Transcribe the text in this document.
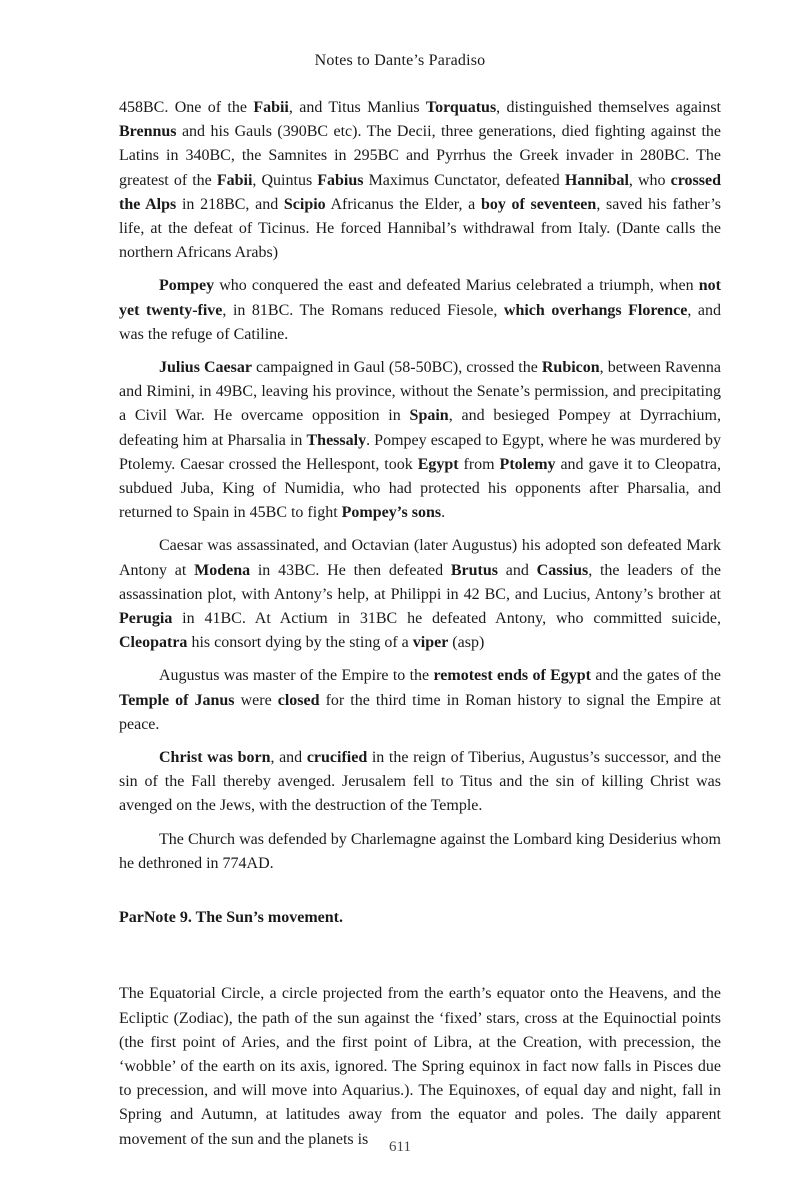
Notes to Dante’s Paradiso

458BC. One of the Fabii, and Titus Manlius Torquatus, distinguished themselves against Brennus and his Gauls (390BC etc). The Decii, three generations, died fighting against the Latins in 340BC, the Samnites in 295BC and Pyrrhus the Greek invader in 280BC. The greatest of the Fabii, Quintus Fabius Maximus Cunctator, defeated Hannibal, who crossed the Alps in 218BC, and Scipio Africanus the Elder, a boy of seventeen, saved his father’s life, at the defeat of Ticinus. He forced Hannibal’s withdrawal from Italy. (Dante calls the northern Africans Arabs)

Pompey who conquered the east and defeated Marius celebrated a triumph, when not yet twenty-five, in 81BC. The Romans reduced Fiesole, which overhangs Florence, and was the refuge of Catiline.

Julius Caesar campaigned in Gaul (58-50BC), crossed the Rubicon, between Ravenna and Rimini, in 49BC, leaving his province, without the Senate’s permission, and precipitating a Civil War. He overcame opposition in Spain, and besieged Pompey at Dyrrachium, defeating him at Pharsalia in Thessaly. Pompey escaped to Egypt, where he was murdered by Ptolemy. Caesar crossed the Hellespont, took Egypt from Ptolemy and gave it to Cleopatra, subdued Juba, King of Numidia, who had protected his opponents after Pharsalia, and returned to Spain in 45BC to fight Pompey’s sons.

Caesar was assassinated, and Octavian (later Augustus) his adopted son defeated Mark Antony at Modena in 43BC. He then defeated Brutus and Cassius, the leaders of the assassination plot, with Antony’s help, at Philippi in 42 BC, and Lucius, Antony’s brother at Perugia in 41BC. At Actium in 31BC he defeated Antony, who committed suicide, Cleopatra his consort dying by the sting of a viper (asp)

Augustus was master of the Empire to the remotest ends of Egypt and the gates of the Temple of Janus were closed for the third time in Roman history to signal the Empire at peace.

Christ was born, and crucified in the reign of Tiberius, Augustus’s successor, and the sin of the Fall thereby avenged. Jerusalem fell to Titus and the sin of killing Christ was avenged on the Jews, with the destruction of the Temple.

The Church was defended by Charlemagne against the Lombard king Desiderius whom he dethroned in 774AD.

ParNote 9. The Sun’s movement.

The Equatorial Circle, a circle projected from the earth’s equator onto the Heavens, and the Ecliptic (Zodiac), the path of the sun against the ‘fixed’ stars, cross at the Equinoctial points (the first point of Aries, and the first point of Libra, at the Creation, with precession, the ‘wobble’ of the earth on its axis, ignored. The Spring equinox in fact now falls in Pisces due to precession, and will move into Aquarius.). The Equinoxes, of equal day and night, fall in Spring and Autumn, at latitudes away from the equator and poles. The daily apparent movement of the sun and the planets is	611
